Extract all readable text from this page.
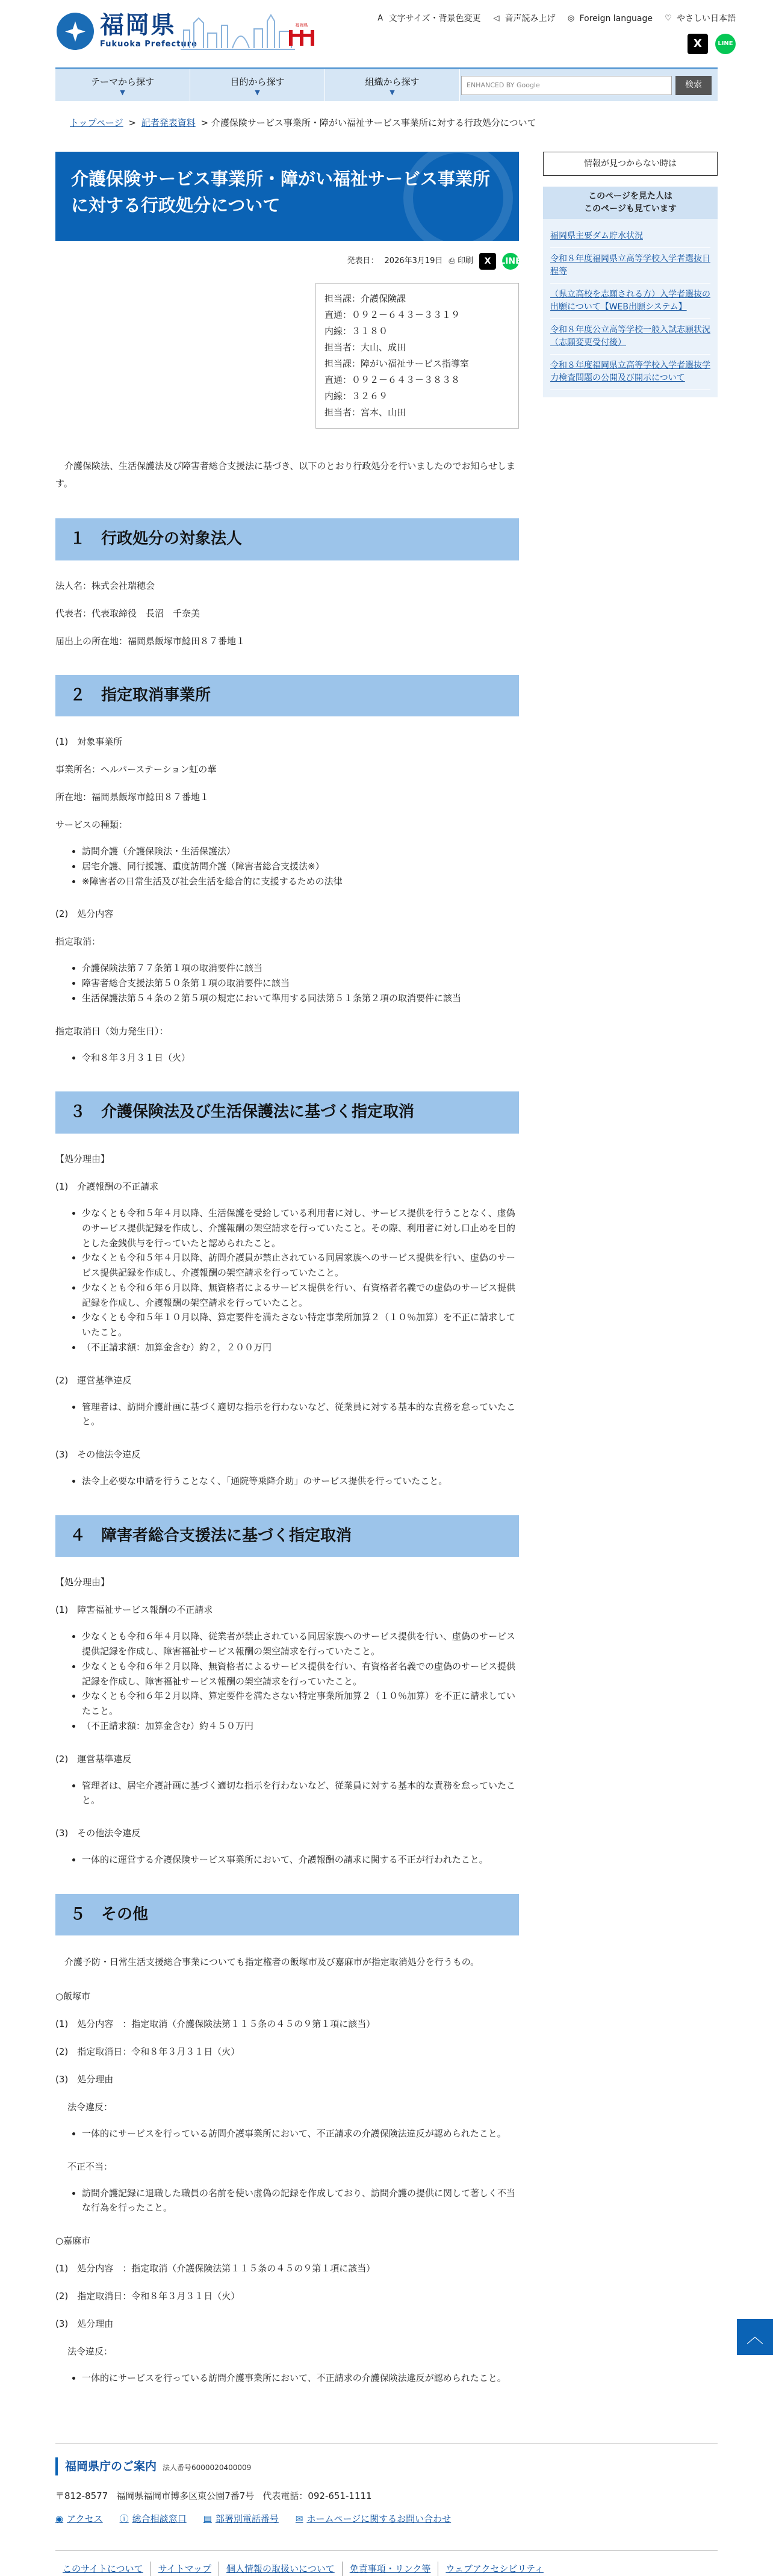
福岡県
Fukuoka Prefecture
福岡県
A 文字サイズ・背景色変更 ◁ 音声読み上げ ◎ Foreign language ♡ やさしい日本語
X	LINE
テーマから探す
▼
目的から探す
▼
組織から探す
▼
ENHANCED BY Google	検索
トップページ > 記者発表資料 > 介護保険サービス事業所・障がい福祉サービス事業所に対する行政処分について
介護保険サービス事業所・障がい福祉サービス事業所に対する行政処分について
発表日： 2026年3月19日 ⎙ 印刷	X	LINE
担当課：介護保険課
直通：０９２－６４３－３３１９
内線：３１８０
担当者：大山、成田
担当課：障がい福祉サービス指導室
直通：０９２－６４３－３８３８
内線：３２６９
担当者：宮本、山田

介護保険法、生活保護法及び障害者総合支援法に基づき、以下のとおり行政処分を行いましたのでお知らせします。

１　行政処分の対象法人

法人名：株式会社瑞穂会

代表者：代表取締役　長沼　千奈美

届出上の所在地：福岡県飯塚市鯰田８７番地１

２　指定取消事業所

(1)　対象事業所

事業所名：ヘルパーステーション虹の華

所在地：福岡県飯塚市鯰田８７番地１

サービスの種類：

• 訪問介護（介護保険法・生活保護法）
• 居宅介護、同行援護、重度訪問介護（障害者総合支援法※）
• ※障害者の日常生活及び社会生活を総合的に支援するための法律

(2)　処分内容

指定取消：

• 介護保険法第７７条第１項の取消要件に該当
• 障害者総合支援法第５０条第１項の取消要件に該当
• 生活保護法第５４条の２第５項の規定において準用する同法第５１条第２項の取消要件に該当

指定取消日（効力発生日）：

• 令和８年３月３１日（火）
３　介護保険法及び生活保護法に基づく指定取消

【処分理由】

(1)　介護報酬の不正請求

• 少なくとも令和５年４月以降、生活保護を受給している利用者に対し、サービス提供を行うことなく、虚偽のサービス提供記録を作成し、介護報酬の架空請求を行っていたこと。その際、利用者に対し口止めを目的とした金銭供与を行っていたと認められたこと。
• 少なくとも令和５年４月以降、訪問介護員が禁止されている同居家族へのサービス提供を行い、虚偽のサービス提供記録を作成し、介護報酬の架空請求を行っていたこと。
• 少なくとも令和６年６月以降、無資格者によるサービス提供を行い、有資格者名義での虚偽のサービス提供記録を作成し、介護報酬の架空請求を行っていたこと。
• 少なくとも令和５年１０月以降、算定要件を満たさない特定事業所加算２（１０％加算）を不正に請求していたこと。
• （不正請求額：加算金含む）約２，２００万円

(2)　運営基準違反

• 管理者は、訪問介護計画に基づく適切な指示を行わないなど、従業員に対する基本的な責務を怠っていたこと。

(3)　その他法令違反

• 法令上必要な申請を行うことなく、「通院等乗降介助」のサービス提供を行っていたこと。
４　障害者総合支援法に基づく指定取消

【処分理由】

(1)　障害福祉サービス報酬の不正請求

• 少なくとも令和６年４月以降、従業者が禁止されている同居家族へのサービス提供を行い、虚偽のサービス提供記録を作成し、障害福祉サービス報酬の架空請求を行っていたこと。
• 少なくとも令和６年２月以降、無資格者によるサービス提供を行い、有資格者名義での虚偽のサービス提供記録を作成し、障害福祉サービス報酬の架空請求を行っていたこと。
• 少なくとも令和６年２月以降、算定要件を満たさない特定事業所加算２（１０％加算）を不正に請求していたこと。
• （不正請求額：加算金含む）約４５０万円

(2)　運営基準違反

• 管理者は、居宅介護計画に基づく適切な指示を行わないなど、従業員に対する基本的な責務を怠っていたこと。

(3)　その他法令違反

• 一体的に運営する介護保険サービス事業所において、介護報酬の請求に関する不正が行われたこと。
５　その他

介護予防・日常生活支援総合事業についても指定権者の飯塚市及び嘉麻市が指定取消処分を行うもの。

○飯塚市

(1)　処分内容　：指定取消（介護保険法第１１５条の４５の９第１項に該当）

(2)　指定取消日：令和８年３月３１日（火）

(3)　処分理由

法令違反：

• 一体的にサービスを行っている訪問介護事業所において、不正請求の介護保険法違反が認められたこと。

不正不当：

• 訪問介護記録に退職した職員の名前を使い虚偽の記録を作成しており、訪問介護の提供に関して著しく不当な行為を行ったこと。

○嘉麻市

(1)　処分内容　：指定取消（介護保険法第１１５条の４５の９第１項に該当）

(2)　指定取消日：令和８年３月３１日（火）

(3)　処分理由

法令違反：

• 一体的にサービスを行っている訪問介護事業所において、不正請求の介護保険法違反が認められたこと。
情報が見つからない時は
このページを見た人は
このページも見ています
福岡県主要ダム貯水状況
令和８年度福岡県立高等学校入学者選抜日程等
（県立高校を志願される方）入学者選抜の出願について【WEB出願システム】
令和８年度公立高等学校一般入試志願状況（志願変更受付後）
令和８年度福岡県立高等学校入学者選抜学力検査問題の公開及び開示について
︿
福岡県庁のご案内 法人番号6000020400009
〒812-8577 福岡県福岡市博多区東公園7番7号 代表電話：092-651-1111
◉ アクセス ⓘ 総合相談窓口 ▤ 部署別電話番号 ✉ ホームページに関するお問い合わせ
このサイトについて	サイトマップ	個人情報の取扱いについて	免責事項・リンク等	ウェブアクセシビリティ
